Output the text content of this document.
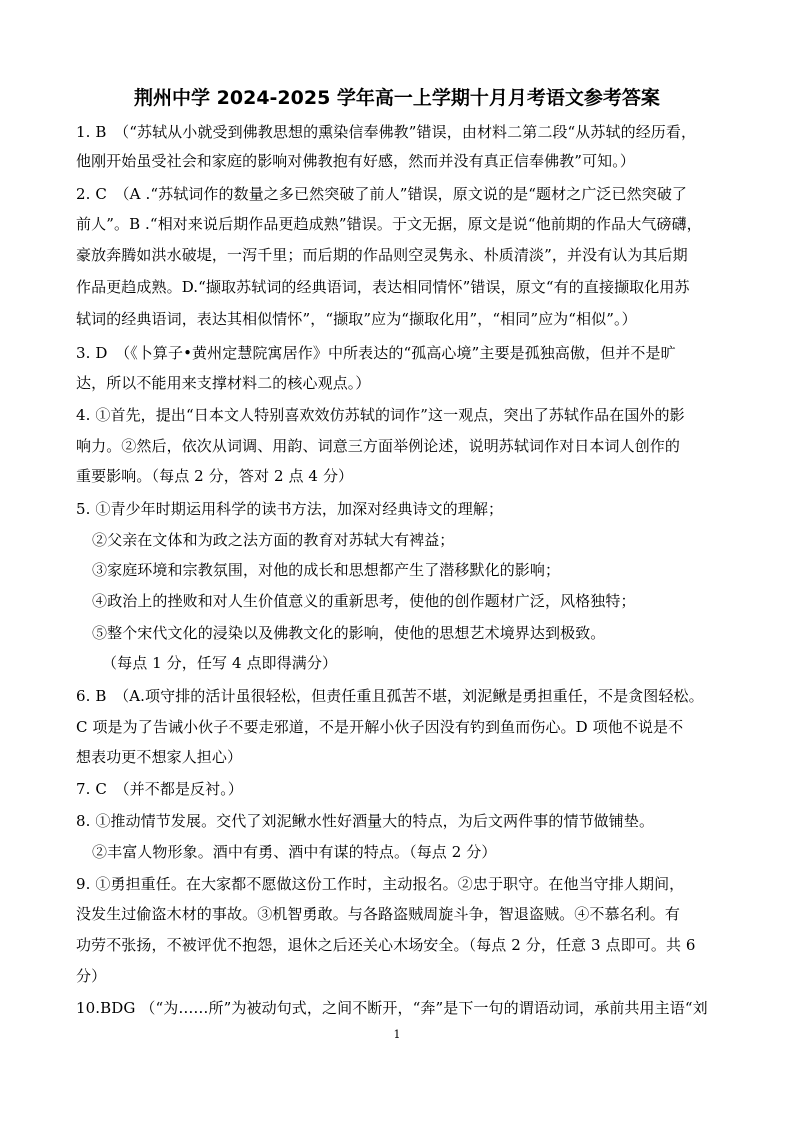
荆州中学 2024-2025 学年高一上学期十月月考语文参考答案
1. B　（“苏轼从小就受到佛教思想的熏染信奉佛教”错误，由材料二第二段“从苏轼的经历看，
他刚开始虽受社会和家庭的影响对佛教抱有好感，然而并没有真正信奉佛教”可知。）
2. C　（A .“苏轼词作的数量之多已然突破了前人”错误，原文说的是“题材之广泛已然突破了
前人”。B .“相对来说后期作品更趋成熟”错误。于文无据，原文是说“他前期的作品大气磅礴，
豪放奔腾如洪水破堤，一泻千里；而后期的作品则空灵隽永、朴质清淡”，并没有认为其后期
作品更趋成熟。D.“撷取苏轼词的经典语词，表达相同情怀”错误，原文“有的直接撷取化用苏
轼词的经典语词，表达其相似情怀”，“撷取”应为“撷取化用”，“相同”应为“相似”。）
3. D　（《卜算子•黄州定慧院寓居作》中所表达的“孤高心境”主要是孤独高傲，但并不是旷
达，所以不能用来支撑材料二的核心观点。）
4. ①首先，提出“日本文人特别喜欢效仿苏轼的词作”这一观点，突出了苏轼作品在国外的影
响力。②然后，依次从词调、用韵、词意三方面举例论述，说明苏轼词作对日本词人创作的
重要影响。（每点 2 分，答对 2 点 4 分）
5. ①青少年时期运用科学的读书方法，加深对经典诗文的理解；
②父亲在文体和为政之法方面的教育对苏轼大有裨益；
③家庭环境和宗教氛围，对他的成长和思想都产生了潜移默化的影响；
④政治上的挫败和对人生价值意义的重新思考，使他的创作题材广泛，风格独特；
⑤整个宋代文化的浸染以及佛教文化的影响，使他的思想艺术境界达到极致。
（每点 1 分，任写 4 点即得满分）
6. B　（A.项守排的活计虽很轻松，但责任重且孤苦不堪，刘泥鳅是勇担重任，不是贪图轻松。
C 项是为了告诫小伙子不要走邪道，不是开解小伙子因没有钓到鱼而伤心。D 项他不说是不
想表功更不想家人担心）
7. C　（并不都是反衬。）
8. ①推动情节发展。交代了刘泥鳅水性好酒量大的特点，为后文两件事的情节做铺垫。
②丰富人物形象。酒中有勇、酒中有谋的特点。（每点 2 分）
9. ①勇担重任。在大家都不愿做这份工作时，主动报名。②忠于职守。在他当守排人期间，
没发生过偷盗木材的事故。③机智勇敢。与各路盗贼周旋斗争，智退盗贼。④不慕名利。有
功劳不张扬，不被评优不抱怨，退休之后还关心木场安全。（每点 2 分，任意 3 点即可。共 6
分）
10.BDG （“为……所”为被动句式，之间不断开，“奔”是下一句的谓语动词，承前共用主语“刘
1
